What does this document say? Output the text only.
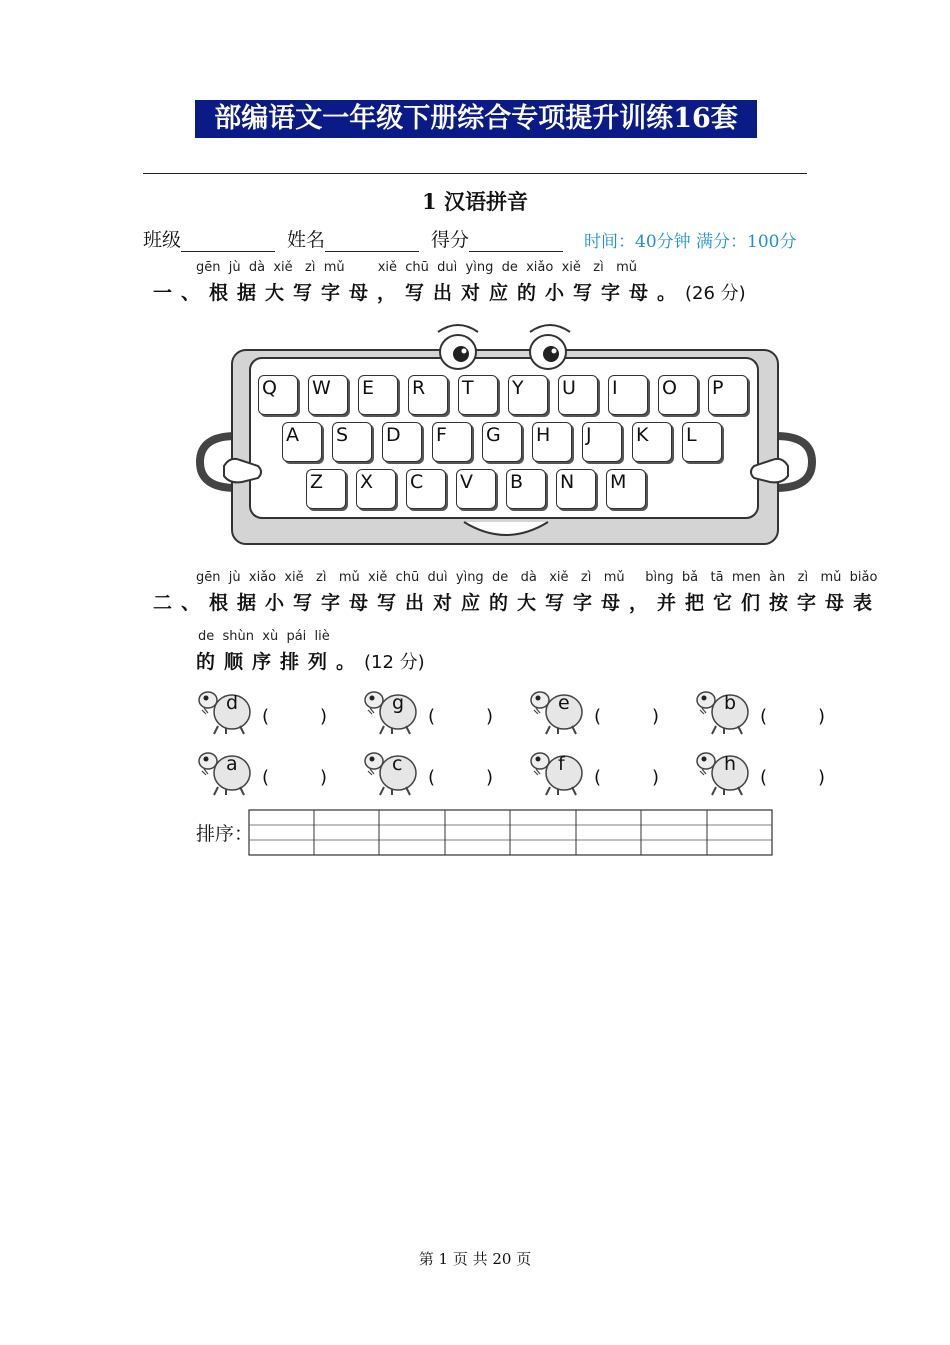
部编语文一年级下册综合专项提升训练16套
1 汉语拼音
班级	姓名	得分	时间：40分钟 满分：100分
gēn  jù  dà  xiě   zì  mǔ        xiě  chū  duì  yìng  de  xiǎo  xiě   zì   mǔ
一、根据大写字母，写出对应的小写字母。(26 分)
Q	W	E	R	T	Y	U	I	O	P
A	S	D	F	G	H	J	K	L
Z	X	C	V	B	N	M
gēn  jù  xiǎo  xiě   zì   mǔ  xiě  chū  duì  yìng  de   dà   xiě   zì   mǔ     bìng  bǎ   tā  men  àn   zì   mǔ  biǎo
二、根据小写字母写出对应的大写字母，并把它们按字母表
de  shùn  xù  pái  liè
的顺序排列。(12 分)
d
(	)
g
(	)
e
(	)
b
(	)
a
(	)
c
(	)
f
(	)
h
(	)
排序：
第 1 页 共 20 页
